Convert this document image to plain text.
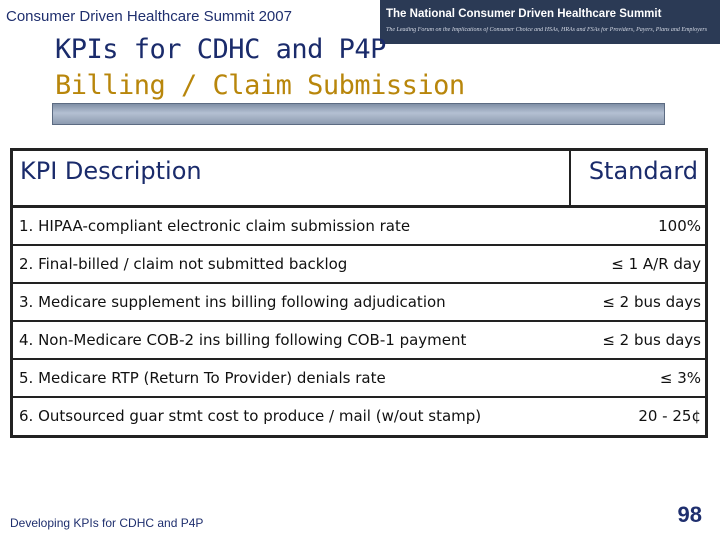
Consumer Driven Healthcare Summit 2007	The National Consumer Driven Healthcare Summit
The Leading Forum on the Implications of Consumer Choice and HSAs, HRAs and FSAs for Providers, Payers, Plans and Employers
KPIs for CDHC and P4P
Billing / Claim Submission
KPI Description	Standard
1. HIPAA-compliant electronic claim submission rate	100%
2. Final-billed / claim not submitted backlog	≤ 1 A/R day
3. Medicare supplement ins billing following adjudication	≤ 2 bus days
4. Non-Medicare COB-2 ins billing following COB-1 payment	≤ 2 bus days
5. Medicare RTP (Return To Provider) denials rate	≤ 3%
6. Outsourced guar stmt cost to produce / mail (w/out stamp)	20 - 25¢
Developing KPIs for CDHC and P4P	98
